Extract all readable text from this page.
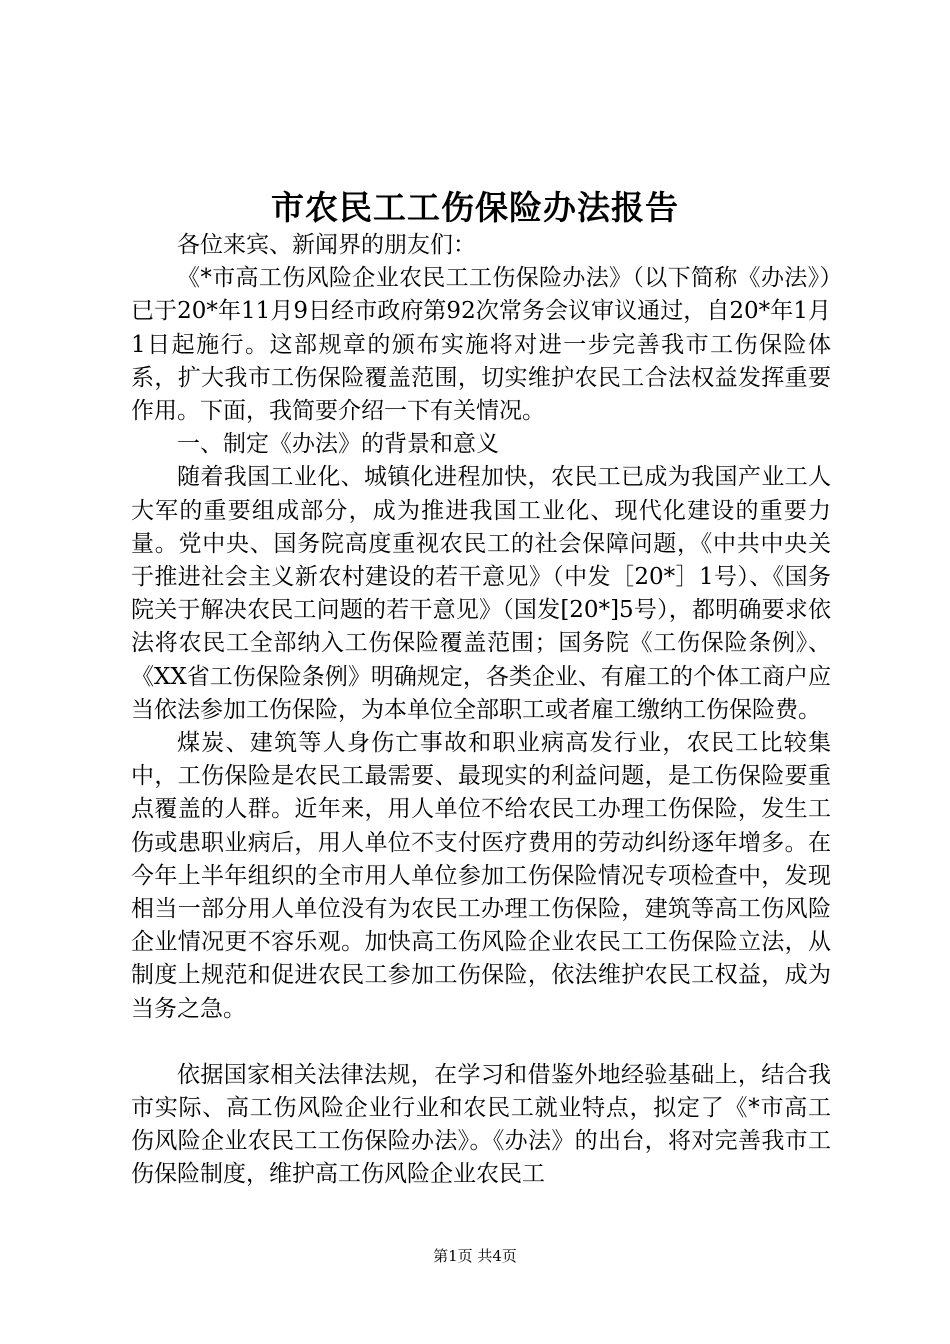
市农民工工伤保险办法报告

各位来宾、新闻界的朋友们：

《*市高工伤风险企业农民工工伤保险办法》（以下简称《办法》）已于20*年11月9日经市政府第92次常务会议审议通过，自20*年1月1日起施行。这部规章的颁布实施将对进一步完善我市工伤保险体系，扩大我市工伤保险覆盖范围，切实维护农民工合法权益发挥重要作用。下面，我简要介绍一下有关情况。

一、制定《办法》的背景和意义

随着我国工业化、城镇化进程加快，农民工已成为我国产业工人大军的重要组成部分，成为推进我国工业化、现代化建设的重要力量。党中央、国务院高度重视农民工的社会保障问题，《中共中央关于推进社会主义新农村建设的若干意见》（中发［20*］1号）、《国务院关于解决农民工问题的若干意见》（国发[20*]5号），都明确要求依法将农民工全部纳入工伤保险覆盖范围；国务院《工伤保险条例》、《XX省工伤保险条例》明确规定，各类企业、有雇工的个体工商户应当依法参加工伤保险，为本单位全部职工或者雇工缴纳工伤保险费。

煤炭、建筑等人身伤亡事故和职业病高发行业，农民工比较集中，工伤保险是农民工最需要、最现实的利益问题，是工伤保险要重点覆盖的人群。近年来，用人单位不给农民工办理工伤保险，发生工伤或患职业病后，用人单位不支付医疗费用的劳动纠纷逐年增多。在今年上半年组织的全市用人单位参加工伤保险情况专项检查中，发现相当一部分用人单位没有为农民工办理工伤保险，建筑等高工伤风险企业情况更不容乐观。加快高工伤风险企业农民工工伤保险立法，从制度上规范和促进农民工参加工伤保险，依法维护农民工权益，成为当务之急。

依据国家相关法律法规，在学习和借鉴外地经验基础上，结合我市实际、高工伤风险企业行业和农民工就业特点，拟定了《*市高工伤风险企业农民工工伤保险办法》。《办法》的出台，将对完善我市工伤保险制度，维护高工伤风险企业农民工

第1页 共4页
